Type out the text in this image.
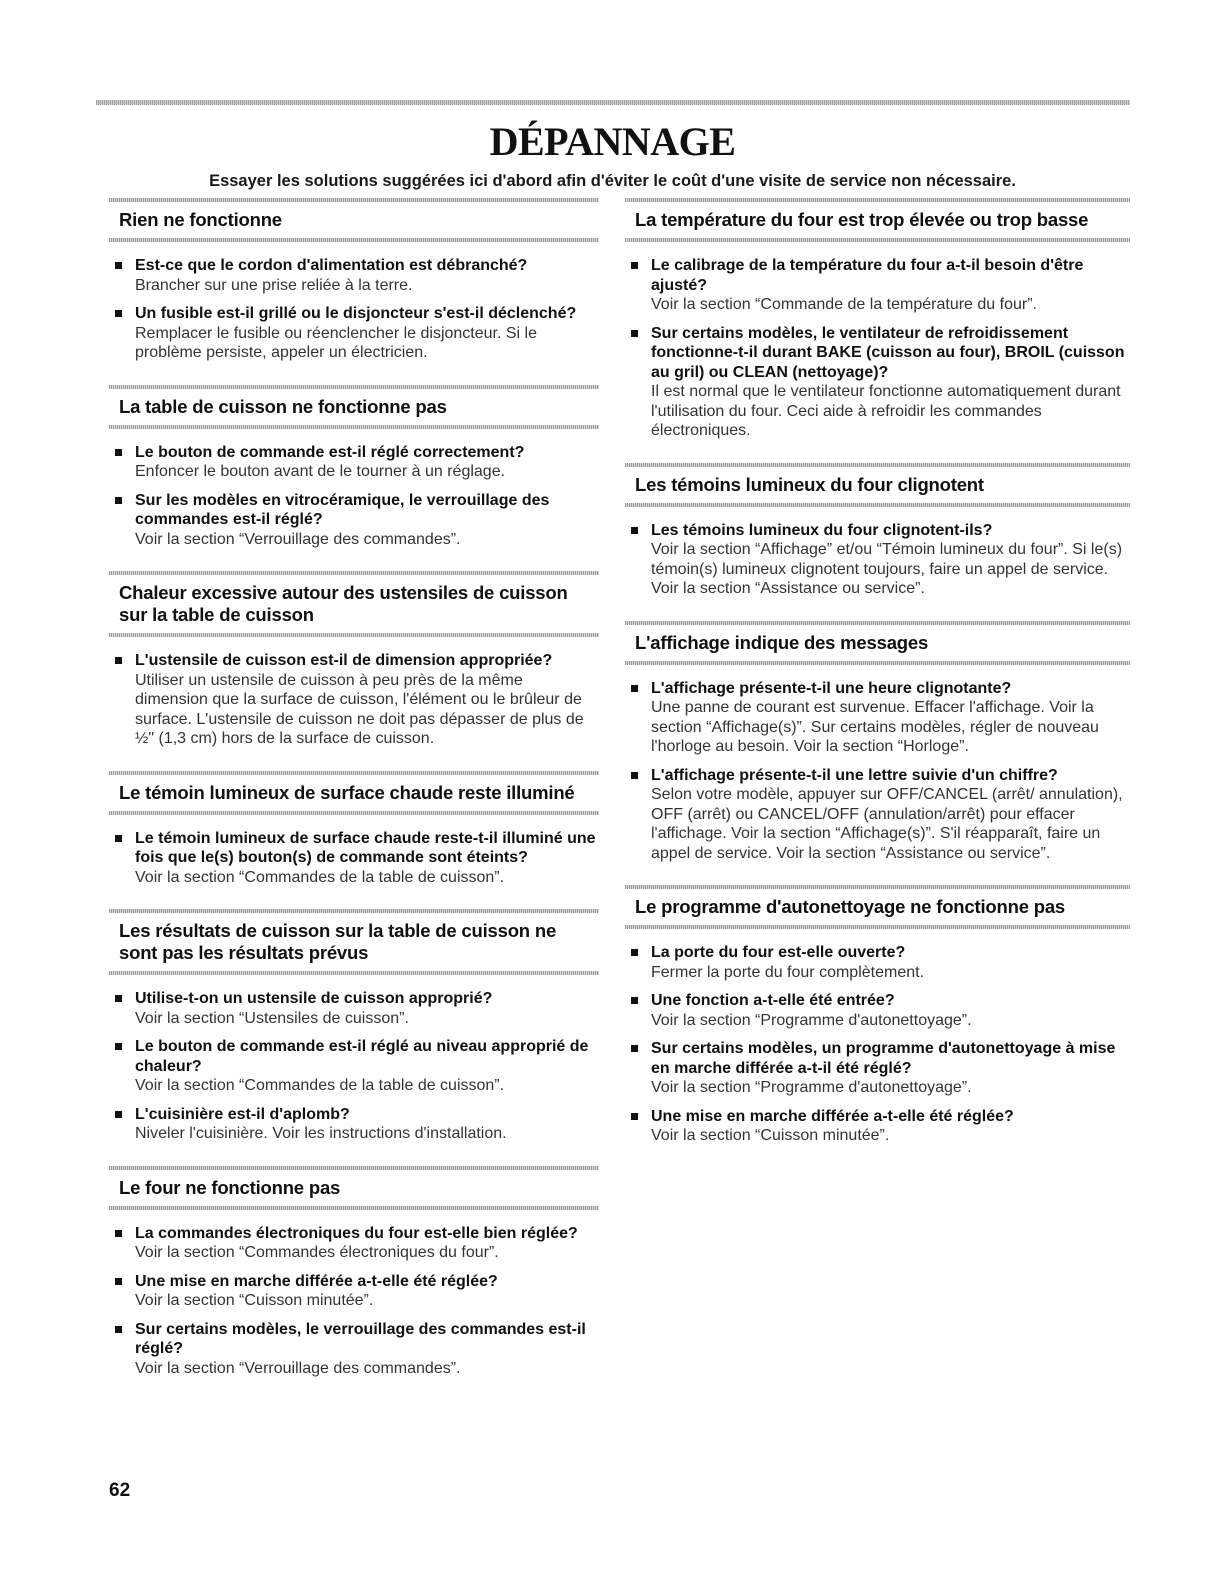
DÉPANNAGE
Essayer les solutions suggérées ici d'abord afin d'éviter le coût d'une visite de service non nécessaire.
Rien ne fonctionne
Est-ce que le cordon d'alimentation est débranché?
Brancher sur une prise reliée à la terre.
Un fusible est-il grillé ou le disjoncteur s'est-il déclenché?
Remplacer le fusible ou réenclencher le disjoncteur. Si le problème persiste, appeler un électricien.
La table de cuisson ne fonctionne pas
Le bouton de commande est-il réglé correctement?
Enfoncer le bouton avant de le tourner à un réglage.
Sur les modèles en vitrocéramique, le verrouillage des commandes est-il réglé?
Voir la section “Verrouillage des commandes”.
Chaleur excessive autour des ustensiles de cuisson sur la table de cuisson
L'ustensile de cuisson est-il de dimension appropriée?
Utiliser un ustensile de cuisson à peu près de la même dimension que la surface de cuisson, l'élément ou le brûleur de surface. L'ustensile de cuisson ne doit pas dépasser de plus de ½" (1,3 cm) hors de la surface de cuisson.
Le témoin lumineux de surface chaude reste illuminé
Le témoin lumineux de surface chaude reste-t-il illuminé une fois que le(s) bouton(s) de commande sont éteints?
Voir la section “Commandes de la table de cuisson”.
Les résultats de cuisson sur la table de cuisson ne sont pas les résultats prévus
Utilise-t-on un ustensile de cuisson approprié?
Voir la section “Ustensiles de cuisson”.
Le bouton de commande est-il réglé au niveau approprié de chaleur?
Voir la section “Commandes de la table de cuisson”.
L'cuisinière est-il d'aplomb?
Niveler l'cuisinière. Voir les instructions d'installation.
Le four ne fonctionne pas
La commandes électroniques du four est-elle bien réglée? Voir la section “Commandes électroniques du four”.
Une mise en marche différée a-t-elle été réglée?
Voir la section “Cuisson minutée”.
Sur certains modèles, le verrouillage des commandes est-il réglé?
Voir la section “Verrouillage des commandes”.
La température du four est trop élevée ou trop basse
Le calibrage de la température du four a-t-il besoin d'être ajusté?
Voir la section “Commande de la température du four”.
Sur certains modèles, le ventilateur de refroidissement fonctionne-t-il durant BAKE (cuisson au four), BROIL (cuisson au gril) ou CLEAN (nettoyage)?
Il est normal que le ventilateur fonctionne automatiquement durant l'utilisation du four. Ceci aide à refroidir les commandes électroniques.
Les témoins lumineux du four clignotent
Les témoins lumineux du four clignotent-ils?
Voir la section “Affichage” et/ou “Témoin lumineux du four”. Si le(s) témoin(s) lumineux clignotent toujours, faire un appel de service. Voir la section “Assistance ou service”.
L'affichage indique des messages
L'affichage présente-t-il une heure clignotante?
Une panne de courant est survenue. Effacer l'affichage. Voir la section “Affichage(s)”. Sur certains modèles, régler de nouveau l'horloge au besoin. Voir la section “Horloge”.
L'affichage présente-t-il une lettre suivie d'un chiffre?
Selon votre modèle, appuyer sur OFF/CANCEL (arrêt/ annulation), OFF (arrêt) ou CANCEL/OFF (annulation/arrêt) pour effacer l'affichage. Voir la section “Affichage(s)”. S'il réapparaît, faire un appel de service. Voir la section “Assistance ou service”.
Le programme d'autonettoyage ne fonctionne pas
La porte du four est-elle ouverte?
Fermer la porte du four complètement.
Une fonction a-t-elle été entrée?
Voir la section “Programme d'autonettoyage”.
Sur certains modèles, un programme d'autonettoyage à mise en marche différée a-t-il été réglé?
Voir la section “Programme d'autonettoyage”.
Une mise en marche différée a-t-elle été réglée?
Voir la section “Cuisson minutée”.
62
